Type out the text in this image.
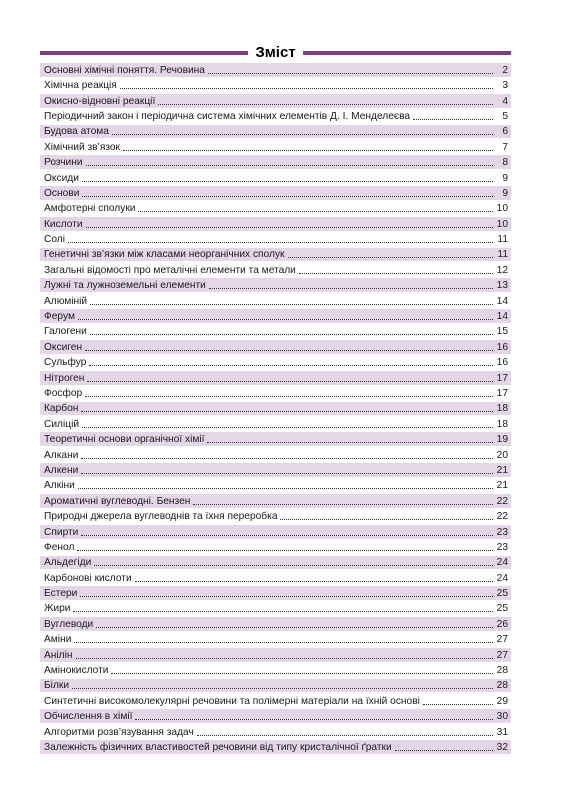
Зміст
Основні хімічні поняття. Речовина	2
Хімічна реакція	3
Окисно-відновні реакції	4
Періодичний закон і періодична система хімічних елементів Д. І. Менделеєва	5
Будова атома	6
Хімічний зв’язок	7
Розчини	8
Оксиди	9
Основи	9
Амфотерні сполуки	10
Кислоти	10
Солі	11
Генетичні зв’язки між класами неорганічних сполук	11
Загальні відомості про металічні елементи та метали	12
Лужні та лужноземельні елементи	13
Алюміній	14
Ферум	14
Галогени	15
Оксиген	16
Сульфур	16
Нітроген	17
Фосфор	17
Карбон	18
Силіцій	18
Теоретичні основи органічної хімії	19
Алкани	20
Алкени	21
Алкіни	21
Ароматичні вуглеводні. Бензен	22
Природні джерела вуглеводнів та їхня переробка	22
Спирти	23
Фенол	23
Альдегіди	24
Карбонові кислоти	24
Естери	25
Жири	25
Вуглеводи	26
Аміни	27
Анілін	27
Амінокислоти	28
Білки	28
Синтетичні високомолекулярні речовини та полімерні матеріали на їхній основі	29
Обчислення в хімії	30
Алгоритми розв’язування задач	31
Залежність фізичних властивостей речовини від типу кристалічної ґратки	32
